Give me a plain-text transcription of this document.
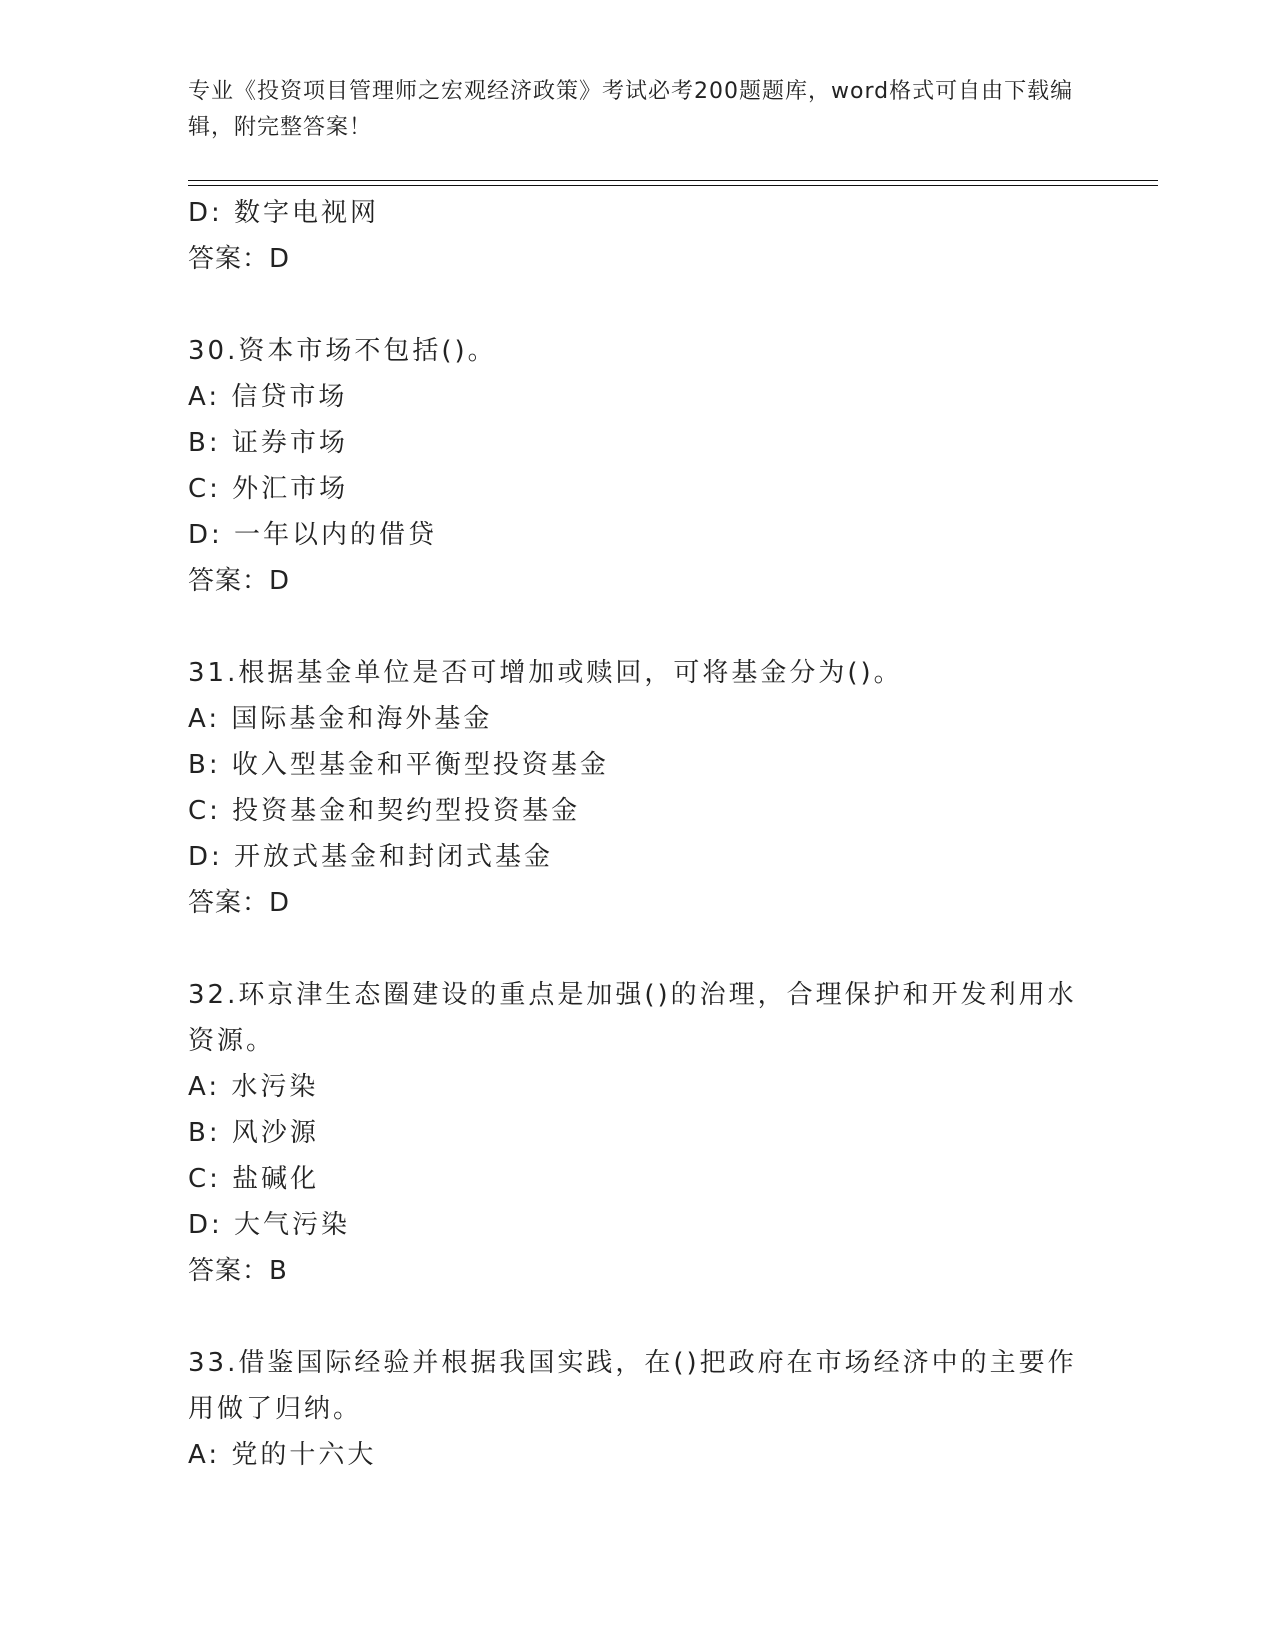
专业《投资项目管理师之宏观经济政策》考试必考200题题库，word格式可自由下载编辑，附完整答案！
D: 数字电视网
答案：D
30.资本市场不包括()。
A: 信贷市场
B: 证券市场
C: 外汇市场
D: 一年以内的借贷
答案：D
31.根据基金单位是否可增加或赎回，可将基金分为()。
A: 国际基金和海外基金
B: 收入型基金和平衡型投资基金
C: 投资基金和契约型投资基金
D: 开放式基金和封闭式基金
答案：D
32.环京津生态圈建设的重点是加强()的治理，合理保护和开发利用水资源。
A: 水污染
B: 风沙源
C: 盐碱化
D: 大气污染
答案：B
33.借鉴国际经验并根据我国实践，在()把政府在市场经济中的主要作用做了归纳。
A: 党的十六大
